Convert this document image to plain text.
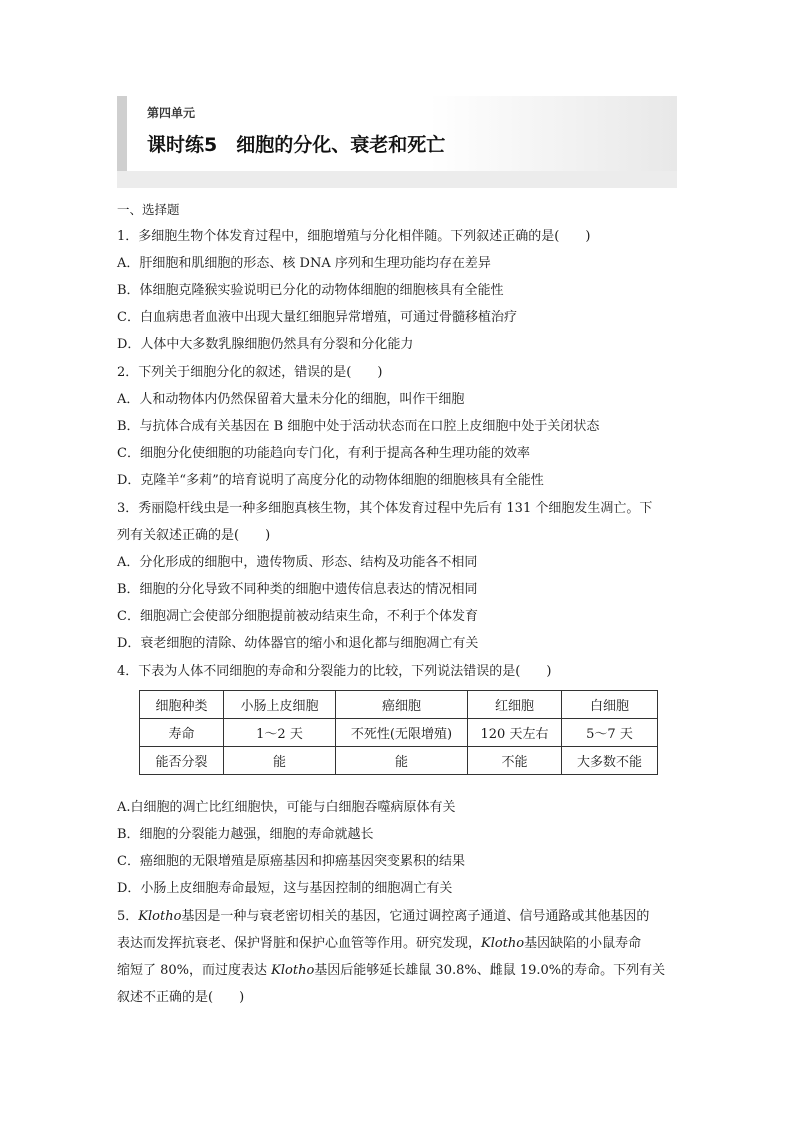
第四单元
课时练5　细胞的分化、衰老和死亡
一、选择题
1．多细胞生物个体发育过程中，细胞增殖与分化相伴随。下列叙述正确的是(　　)
A．肝细胞和肌细胞的形态、核 DNA 序列和生理功能均存在差异
B．体细胞克隆猴实验说明已分化的动物体细胞的细胞核具有全能性
C．白血病患者血液中出现大量红细胞异常增殖，可通过骨髓移植治疗
D．人体中大多数乳腺细胞仍然具有分裂和分化能力
2．下列关于细胞分化的叙述，错误的是(　　)
A．人和动物体内仍然保留着大量未分化的细胞，叫作干细胞
B．与抗体合成有关基因在 B 细胞中处于活动状态而在口腔上皮细胞中处于关闭状态
C．细胞分化使细胞的功能趋向专门化，有利于提高各种生理功能的效率
D．克隆羊“多莉”的培育说明了高度分化的动物体细胞的细胞核具有全能性
3．秀丽隐杆线虫是一种多细胞真核生物，其个体发育过程中先后有 131 个细胞发生凋亡。下
列有关叙述正确的是(　　)
A．分化形成的细胞中，遗传物质、形态、结构及功能各不相同
B．细胞的分化导致不同种类的细胞中遗传信息表达的情况相同
C．细胞凋亡会使部分细胞提前被动结束生命，不利于个体发育
D．衰老细胞的清除、幼体器官的缩小和退化都与细胞凋亡有关
4．下表为人体不同细胞的寿命和分裂能力的比较，下列说法错误的是(　　)
细胞种类	小肠上皮细胞	癌细胞	红细胞	白细胞
寿命	1～2 天	不死性(无限增殖)	120 天左右	5～7 天
能否分裂	能	能	不能	大多数不能
A.白细胞的凋亡比红细胞快，可能与白细胞吞噬病原体有关
B．细胞的分裂能力越强，细胞的寿命就越长
C．癌细胞的无限增殖是原癌基因和抑癌基因突变累积的结果
D．小肠上皮细胞寿命最短，这与基因控制的细胞凋亡有关
5．Klotho基因是一种与衰老密切相关的基因，它通过调控离子通道、信号通路或其他基因的
表达而发挥抗衰老、保护肾脏和保护心血管等作用。研究发现，Klotho基因缺陷的小鼠寿命
缩短了 80%，而过度表达 Klotho基因后能够延长雄鼠 30.8%、雌鼠 19.0%的寿命。下列有关
叙述不正确的是(　　)
